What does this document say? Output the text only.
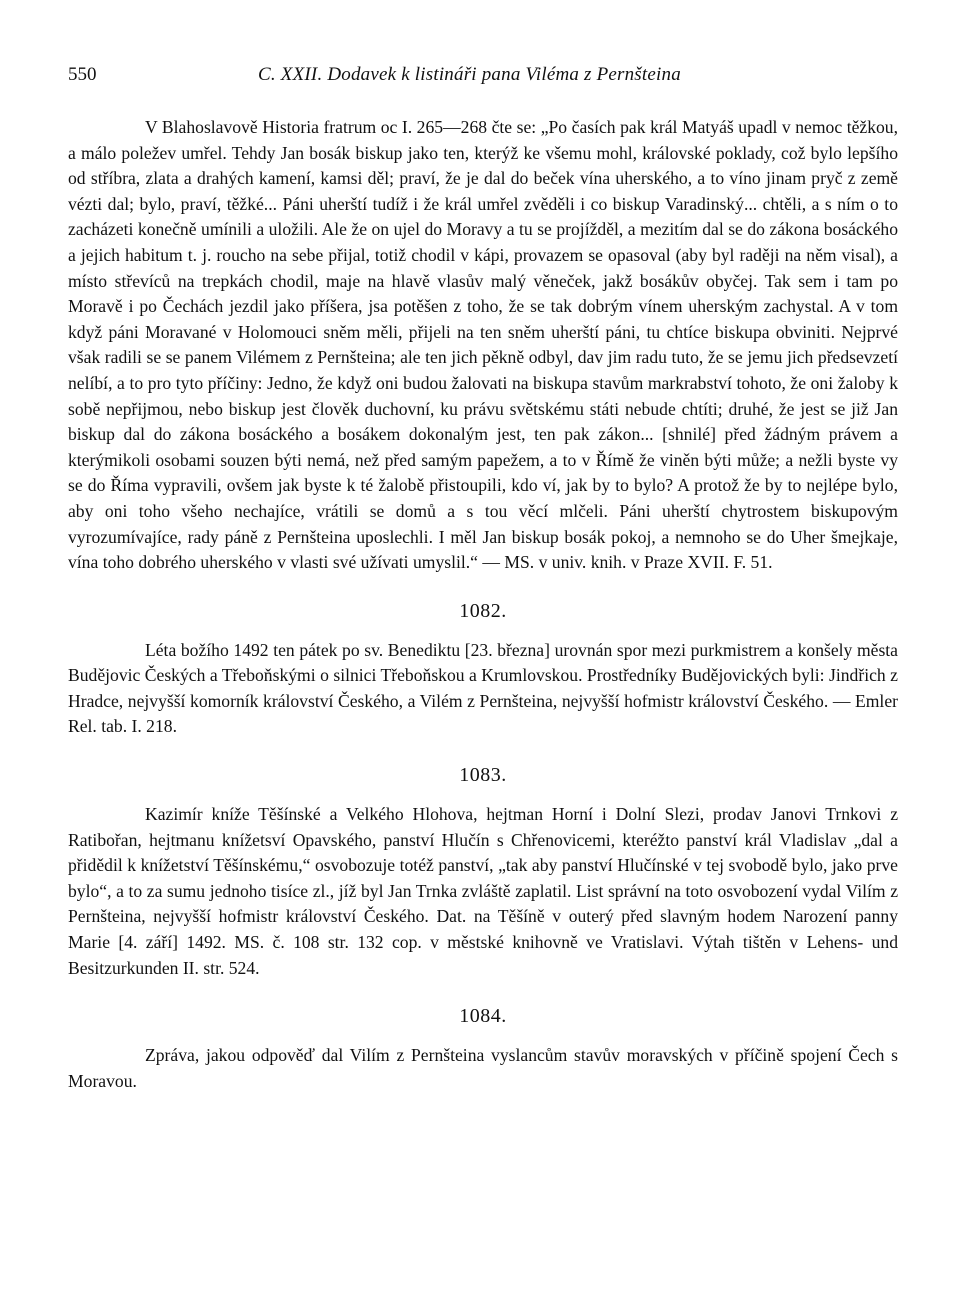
550	C. XXII. Dodavek k listináři pana Viléma z Pernšteina

V Blahoslavově Historia fratrum oc I. 265—268 čte se: „Po časích pak král Matyáš upadl v nemoc těžkou, a málo poležev umřel. Tehdy Jan bosák biskup jako ten, kterýž ke všemu mohl, královské poklady, což bylo lepšího od stříbra, zlata a drahých kamení, kamsi děl; praví, že je dal do beček vína uherského, a to víno jinam pryč z země vézti dal; bylo, praví, těžké... Páni uherští tudíž i že král umřel zvěděli i co biskup Varadinský... chtěli, a s ním o to zacházeti konečně umínili a uložili. Ale že on ujel do Moravy a tu se projížděl, a mezitím dal se do zákona bosáckého a jejich habitum t. j. roucho na sebe přijal, totiž chodil v kápi, provazem se opasoval (aby byl raději na něm visal), a místo střevíců na trepkách chodil, maje na hlavě vlasův malý věneček, jakž bosákův obyčej. Tak sem i tam po Moravě i po Čechách jezdil jako příšera, jsa potěšen z toho, že se tak dobrým vínem uherským zachystal. A v tom když páni Moravané v Holomouci sněm měli, přijeli na ten sněm uherští páni, tu chtíce biskupa obviniti. Nejprvé však radili se se panem Vilémem z Pernšteina; ale ten jich pěkně odbyl, dav jim radu tuto, že se jemu jich předsevzetí nelíbí, a to pro tyto příčiny: Jedno, že když oni budou žalovati na biskupa stavům markrabství tohoto, že oni žaloby k sobě nepřijmou, nebo biskup jest člověk duchovní, ku právu světskému státi nebude chtíti; druhé, že jest se již Jan biskup dal do zákona bosáckého a bosákem dokonalým jest, ten pak zákon... [shnilé] před žádným právem a kterýmikoli osobami souzen býti nemá, než před samým papežem, a to v Římě že viněn býti může; a nežli byste vy se do Říma vypravili, ovšem jak byste k té žalobě přistoupili, kdo ví, jak by to bylo? A protož že by to nejlépe bylo, aby oni toho všeho nechajíce, vrátili se domů a s tou věcí mlčeli. Páni uherští chytrostem biskupovým vyrozumívajíce, rady páně z Pernšteina uposlechli. I měl Jan biskup bosák pokoj, a nemnoho se do Uher šmejkaje, vína toho dobrého uherského v vlasti své užívati umyslil.“ — MS. v univ. knih. v Praze XVII. F. 51.

1082.

Léta božího 1492 ten pátek po sv. Benediktu [23. března] urovnán spor mezi purkmistrem a konšely města Budějovic Českých a Třeboňskými o silnici Třeboňskou a Krumlovskou. Prostředníky Budějovických byli: Jindřich z Hradce, nejvyšší komorník království Českého, a Vilém z Pernšteina, nejvyšší hofmistr království Českého. — Emler Rel. tab. I. 218.

1083.

Kazimír kníže Těšínské a Velkého Hlohova, hejtman Horní i Dolní Slezi, prodav Janovi Trnkovi z Ratibořan, hejtmanu knížetsví Opavského, panství Hlučín s Chřenovicemi, kteréžto panství král Vladislav „dal a přidědil k knížetství Těšínskému,“ osvobozuje totéž panství, „tak aby panství Hlučínské v tej svobodě bylo, jako prve bylo“, a to za sumu jednoho tisíce zl., jíž byl Jan Trnka zvláště zaplatil. List správní na toto osvobození vydal Vilím z Pernšteina, nejvyšší hofmistr království Českého. Dat. na Těšíně v outerý před slavným hodem Narození panny Marie [4. září] 1492. MS. č. 108 str. 132 cop. v městské knihovně ve Vratislavi. Výtah tištěn v Lehens- und Besitzurkunden II. str. 524.

1084.

Zpráva, jakou odpověď dal Vilím z Pernšteina vyslancům stavův moravských v příčině spojení Čech s Moravou.
